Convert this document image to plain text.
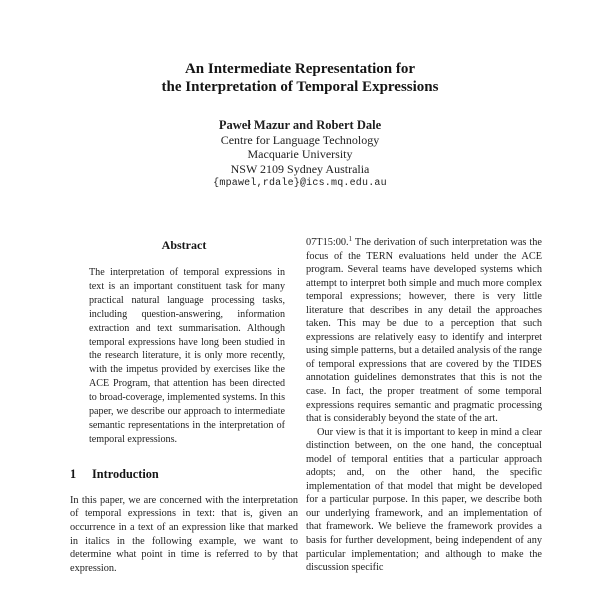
An Intermediate Representation for
the Interpretation of Temporal Expressions
Paweł Mazur and Robert Dale
Centre for Language Technology
Macquarie University
NSW 2109 Sydney Australia
{mpawel,rdale}@ics.mq.edu.au
Abstract

The interpretation of temporal expressions in text is an important constituent task for many practical natural language processing tasks, including question-answering, information extraction and text summarisation. Although temporal expressions have long been studied in the research literature, it is only more recently, with the impetus provided by exercises like the ACE Program, that attention has been directed to broad-coverage, implemented systems. In this paper, we describe our approach to intermediate semantic representations in the interpretation of temporal expressions.

1 Introduction

In this paper, we are concerned with the interpretation of temporal expressions in text: that is, given an occurrence in a text of an expression like that marked in italics in the following example, we want to determine what point in time is referred to by that expression.

07T15:00.$^1$ The derivation of such interpretation was the focus of the TERN evaluations held under the ACE program. Several teams have developed systems which attempt to interpret both simple and much more complex temporal expressions; however, there is very little literature that describes in any detail the approaches taken. This may be due to a perception that such expressions are relatively easy to identify and interpret using simple patterns, but a detailed analysis of the range of temporal expressions that are covered by the TIDES annotation guidelines demonstrates that this is not the case. In fact, the proper treatment of some temporal expressions requires semantic and pragmatic processing that is considerably beyond the state of the art.

Our view is that it is important to keep in mind a clear distinction between, on the one hand, the conceptual model of temporal entities that a particular approach adopts; and, on the other hand, the specific implementation of that model that might be developed for a particular purpose. In this paper, we describe both our underlying framework, and an implementation of that framework. We believe the framework provides a basis for further development, being independent of any particular implementation; and although to make the discussion specific
